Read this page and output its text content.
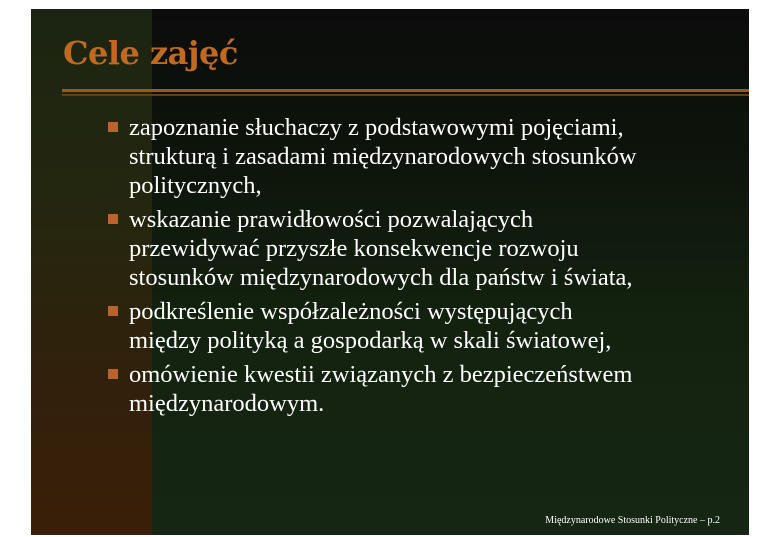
Cele zajęć
zapoznanie słuchaczy z podstawowymi pojęciami,
strukturą i zasadami międzynarodowych stosunków
politycznych,
wskazanie prawidłowości pozwalających
przewidywać przyszłe konsekwencje rozwoju
stosunków międzynarodowych dla państw i świata,
podkreślenie współzależności występujących
między polityką a gospodarką w skali światowej,
omówienie kwestii związanych z bezpieczeństwem
międzynarodowym.
Międzynarodowe Stosunki Polityczne – p.2
